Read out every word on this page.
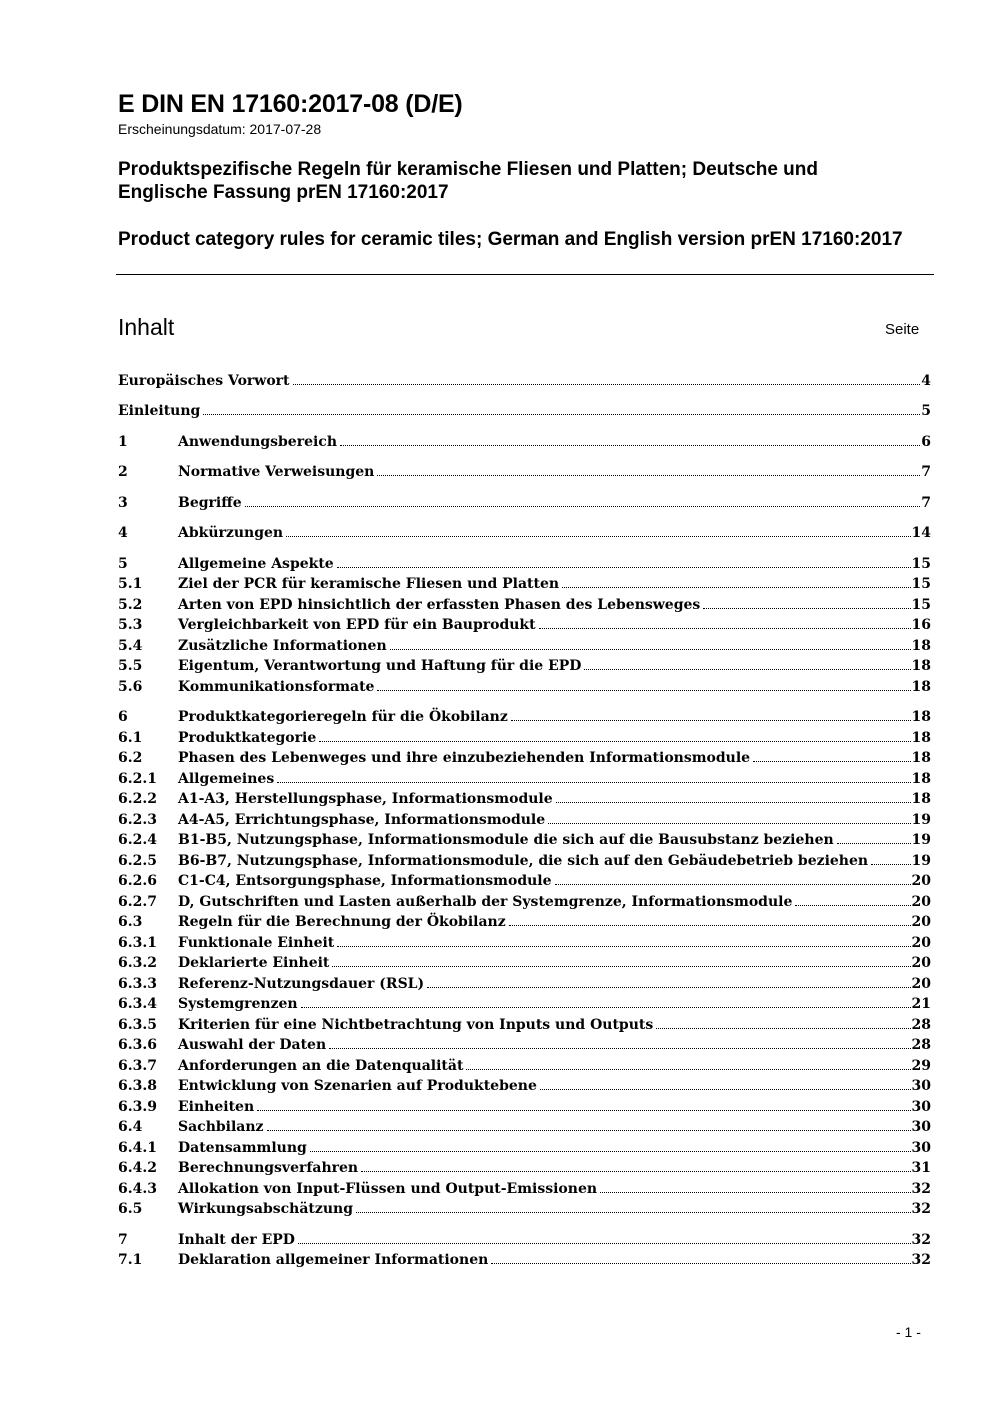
E DIN EN 17160:2017-08 (D/E)

Erscheinungsdatum: 2017-07-28

Produktspezifische Regeln für keramische Fliesen und Platten; Deutsche und Englische Fassung prEN 17160:2017

Product category rules for ceramic tiles; German and English version prEN 17160:2017

Inhalt	Seite

Europäisches Vorwort	4
Einleitung	5
1	Anwendungsbereich	6
2	Normative Verweisungen	7
3	Begriffe	7
4	Abkürzungen	14
5	Allgemeine Aspekte	15
5.1	Ziel der PCR für keramische Fliesen und Platten	15
5.2	Arten von EPD hinsichtlich der erfassten Phasen des Lebensweges	15
5.3	Vergleichbarkeit von EPD für ein Bauprodukt	16
5.4	Zusätzliche Informationen	18
5.5	Eigentum, Verantwortung und Haftung für die EPD	18
5.6	Kommunikationsformate	18
6	Produktkategorieregeln für die Ökobilanz	18
6.1	Produktkategorie	18
6.2	Phasen des Lebenweges und ihre einzubeziehenden Informationsmodule	18
6.2.1 Allgemeines	18
6.2.2 A1-A3, Herstellungsphase, Informationsmodule	18
6.2.3 A4-A5, Errichtungsphase, Informationsmodule	19
6.2.4 B1-B5, Nutzungsphase, Informationsmodule die sich auf die Bausubstanz beziehen	19
6.2.5 B6-B7, Nutzungsphase, Informationsmodule, die sich auf den Gebäudebetrieb beziehen	19
6.2.6 C1-C4, Entsorgungsphase, Informationsmodule	20
6.2.7 D, Gutschriften und Lasten außerhalb der Systemgrenze, Informationsmodule	20
6.3	Regeln für die Berechnung der Ökobilanz	20
6.3.1 Funktionale Einheit	20
6.3.2 Deklarierte Einheit	20
6.3.3 Referenz-Nutzungsdauer (RSL)	20
6.3.4 Systemgrenzen	21
6.3.5 Kriterien für eine Nichtbetrachtung von Inputs und Outputs	28
6.3.6 Auswahl der Daten	28
6.3.7 Anforderungen an die Datenqualität	29
6.3.8 Entwicklung von Szenarien auf Produktebene	30
6.3.9 Einheiten	30
6.4	Sachbilanz	30
6.4.1 Datensammlung	30
6.4.2 Berechnungsverfahren	31
6.4.3 Allokation von Input-Flüssen und Output-Emissionen	32
6.5	Wirkungsabschätzung	32
7	Inhalt der EPD	32
7.1	Deklaration allgemeiner Informationen	32

- 1 -
